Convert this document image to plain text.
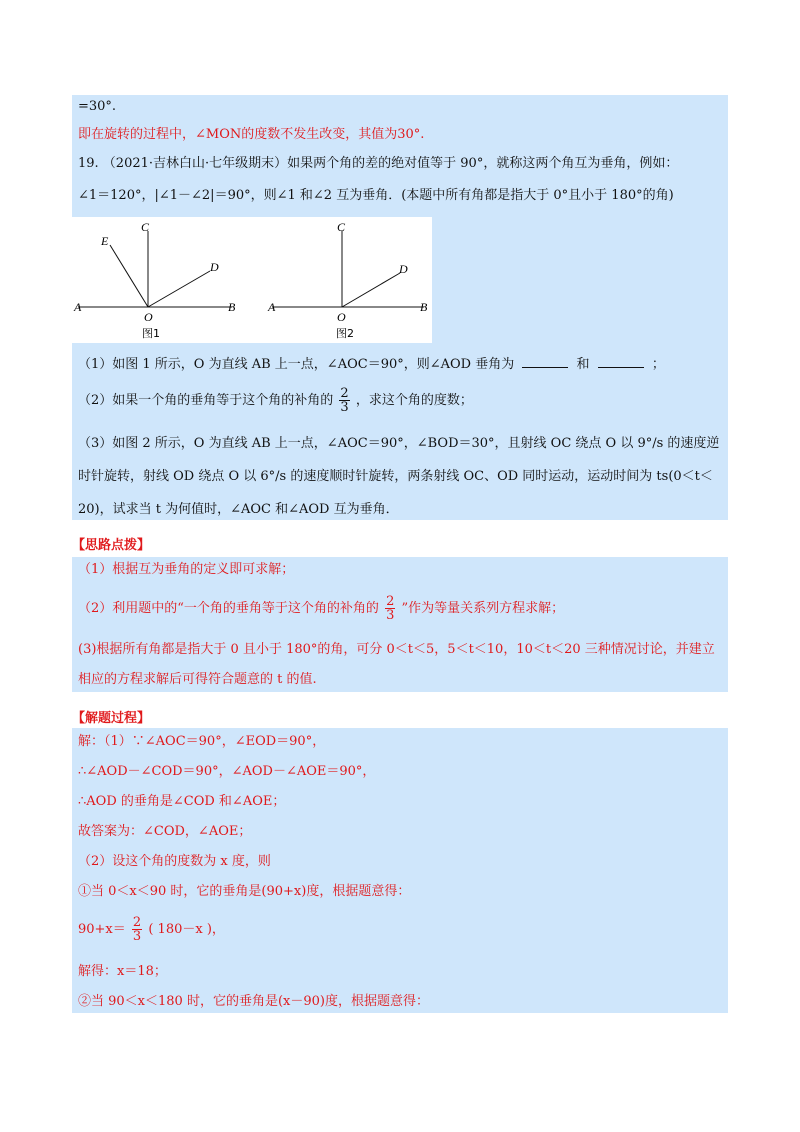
=30°.
即在旋转的过程中，∠MON的度数不发生改变，其值为30°.
19. （2021·吉林白山·七年级期末）如果两个角的差的绝对值等于 90°，就称这两个角互为垂角，例如：
∠1＝120°，|∠1－∠2|＝90°，则∠1 和∠2 互为垂角．(本题中所有角都是指大于 0°且小于 180°的角)
（1）如图 1 所示，O 为直线 AB 上一点，∠AOC＝90°，则∠AOD 垂角为	和	；
（2）如果一个角的垂角等于这个角的补角的 $\frac{2}{3}$ ，求这个角的度数；
（3）如图 2 所示，O 为直线 AB 上一点，∠AOC＝90°，∠BOD＝30°，且射线 OC 绕点 O 以 9°/s 的速度逆
时针旋转，射线 OD 绕点 O 以 6°/s 的速度顺时针旋转，两条射线 OC、OD 同时运动，运动时间为 ts(0＜t＜
20)，试求当 t 为何值时，∠AOC 和∠AOD 互为垂角．
A	B
C
D
E
O
图1
A	B
C
D
O
图2
【思路点拨】
（1）根据互为垂角的定义即可求解；
（2）利用题中的“一个角的垂角等于这个角的补角的 $\frac{2}{3}$ ”作为等量关系列方程求解；
(3)根据所有角都是指大于 0 且小于 180°的角，可分 0＜t＜5，5＜t＜10，10＜t＜20 三种情况讨论，并建立
相应的方程求解后可得符合题意的 t 的值.
【解题过程】
解：（1）∵∠AOC＝90°，∠EOD＝90°，
∴∠AOD－∠COD＝90°，∠AOD－∠AOE＝90°，
∴AOD 的垂角是∠COD 和∠AOE；
故答案为：∠COD，∠AOE；
（2）设这个角的度数为 x 度，则
①当 0＜x＜90 时，它的垂角是(90+x)度，根据题意得：
$90+x= \frac{2}{3}$ ( 180－x )，
解得：x＝18；
②当 90＜x＜180 时，它的垂角是(x－90)度，根据题意得：
